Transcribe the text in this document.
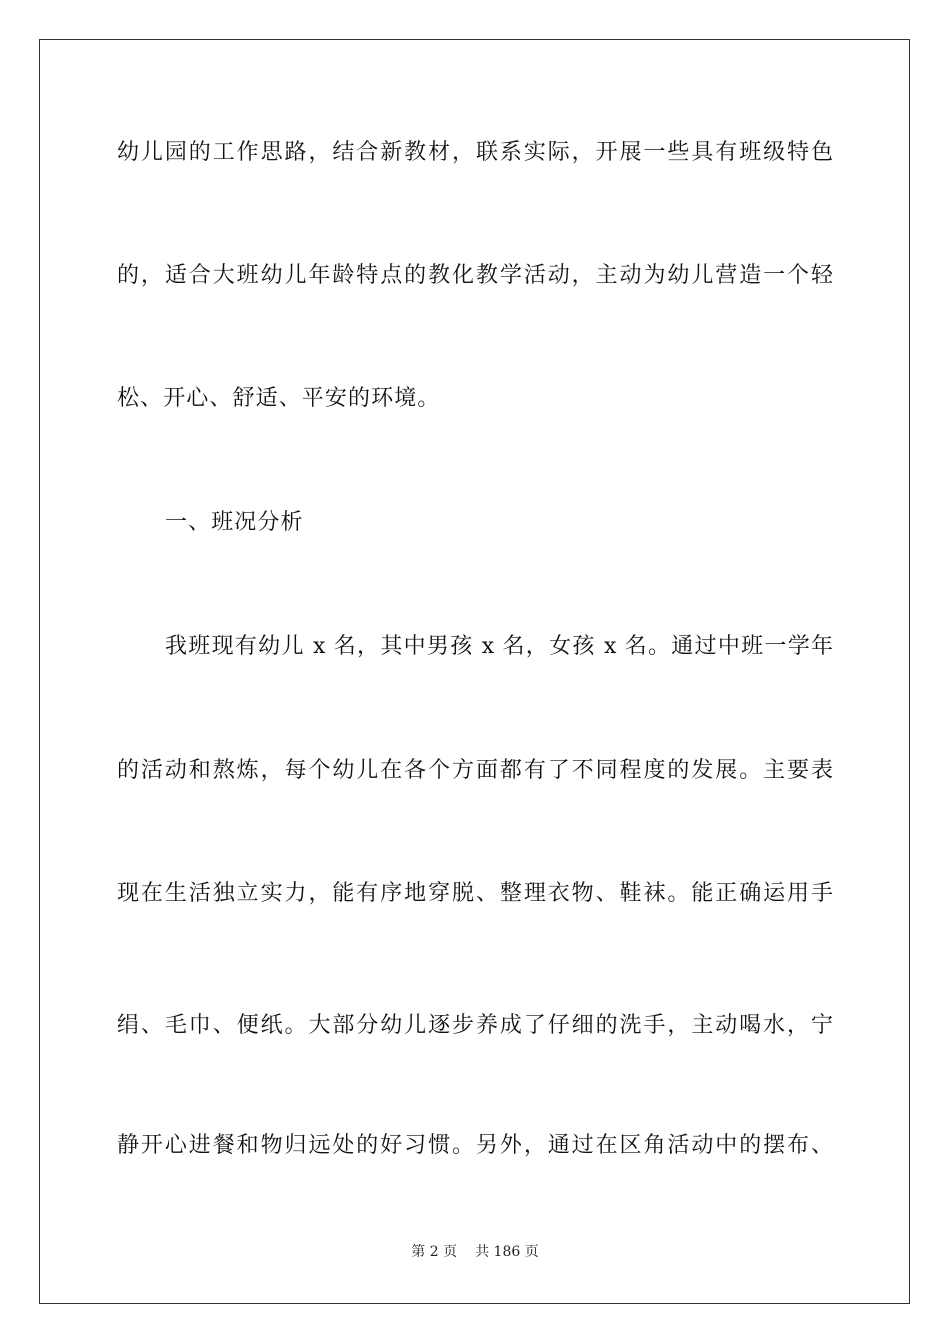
幼儿园的工作思路，结合新教材，联系实际，开展一些具有班级特色
的，适合大班幼儿年龄特点的教化教学活动，主动为幼儿营造一个轻
松、开心、舒适、平安的环境。
一、班况分析
我班现有幼儿 x 名，其中男孩 x 名，女孩 x 名。通过中班一学年
的活动和熬炼，每个幼儿在各个方面都有了不同程度的发展。主要表
现在生活独立实力，能有序地穿脱、整理衣物、鞋袜。能正确运用手
绢、毛巾、便纸。大部分幼儿逐步养成了仔细的洗手，主动喝水，宁
静开心进餐和物归远处的好习惯。另外，通过在区角活动中的摆布、
第 2 页 共 186 页
